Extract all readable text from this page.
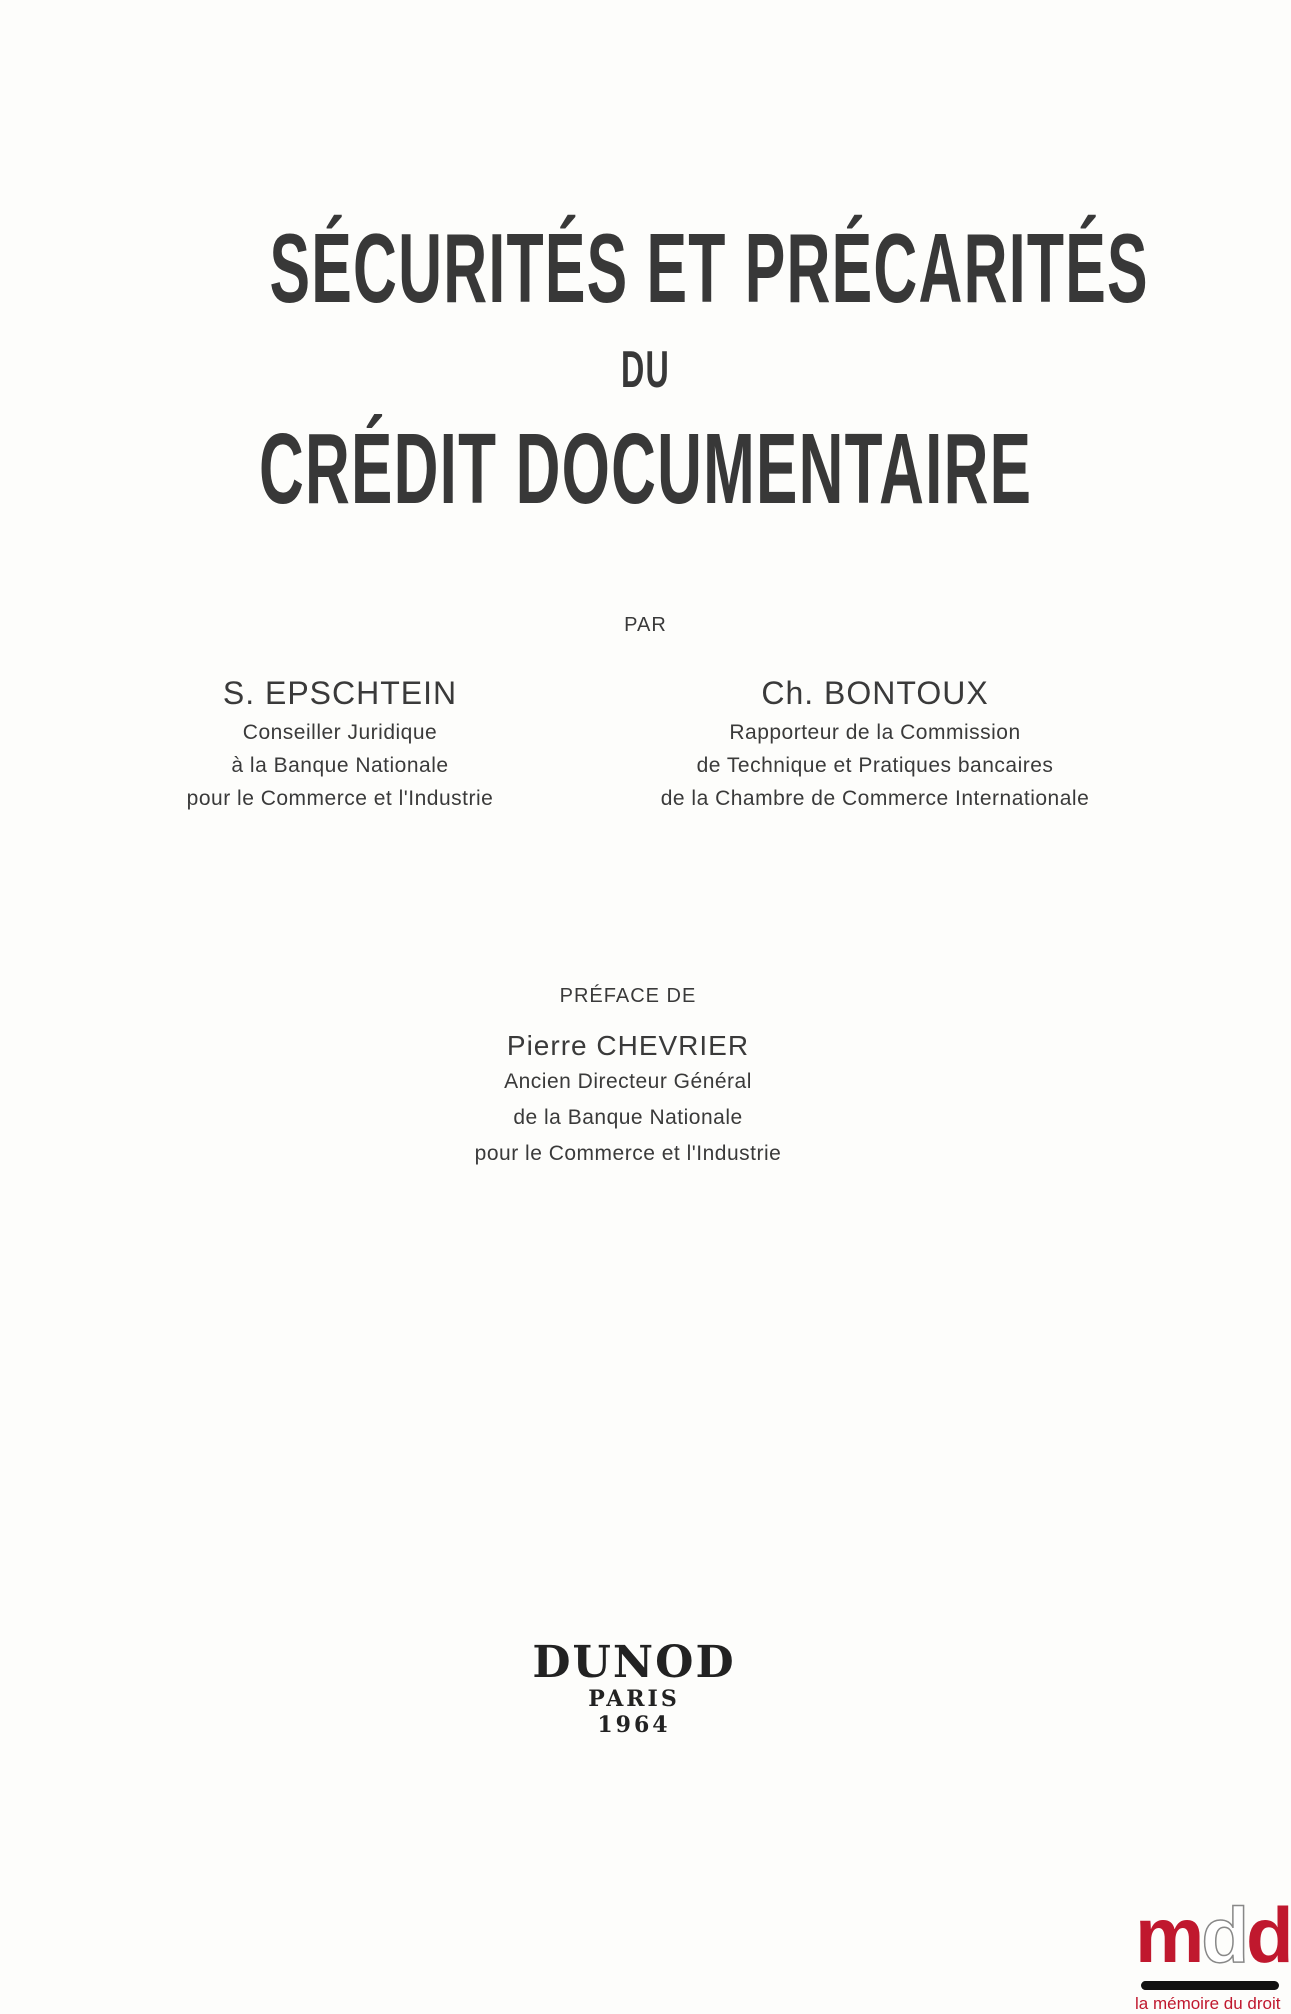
SÉCURITÉS ET PRÉCARITÉS
DU
CRÉDIT DOCUMENTAIRE
PAR
S. EPSCHTEIN
Conseiller Juridique
à la Banque Nationale
pour le Commerce et l'Industrie
Ch. BONTOUX
Rapporteur de la Commission
de Technique et Pratiques bancaires
de la Chambre de Commerce Internationale
PRÉFACE DE
Pierre CHEVRIER
Ancien Directeur Général
de la Banque Nationale
pour le Commerce et l'Industrie
DUNOD
PARIS
1964
mdd
la mémoire du droit
